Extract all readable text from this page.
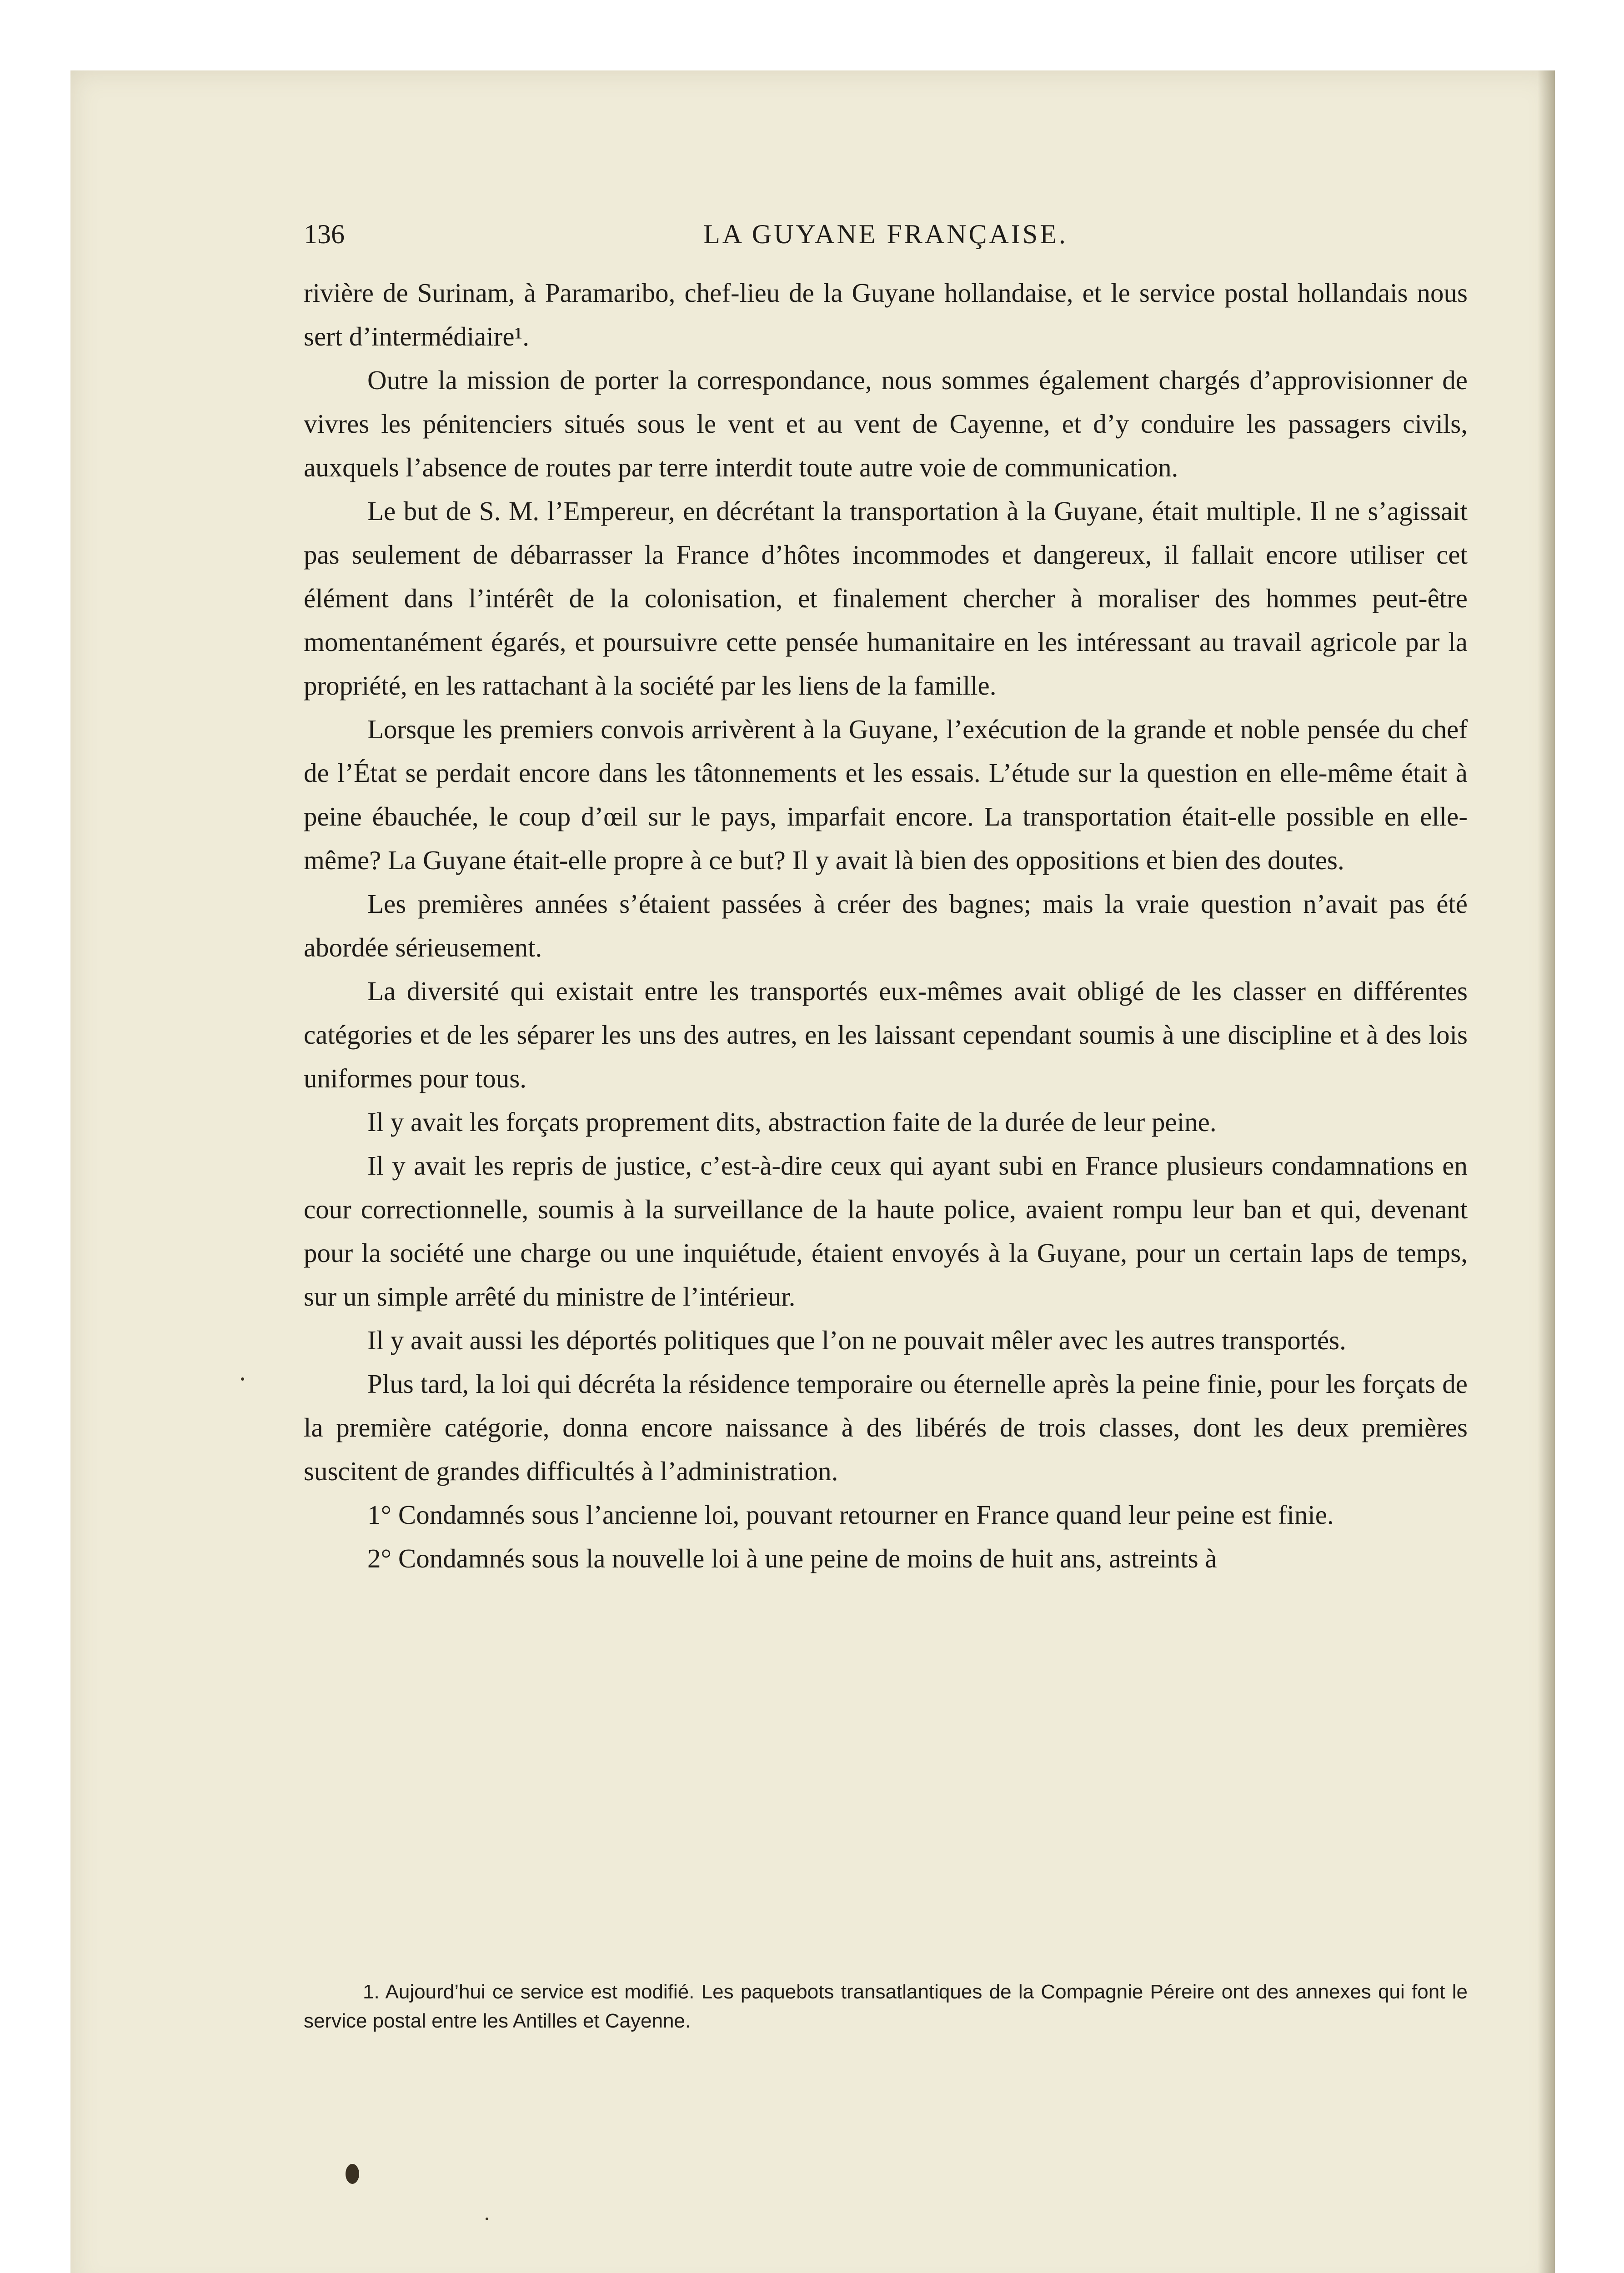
136	LA GUYANE FRANÇAISE.

rivière de Surinam, à Paramaribo, chef-lieu de la Guyane hollandaise, et le service postal hollandais nous sert d’intermédiaire¹.

Outre la mission de porter la correspondance, nous sommes également chargés d’approvisionner de vivres les pénitenciers situés sous le vent et au vent de Cayenne, et d’y conduire les passagers civils, auxquels l’absence de routes par terre interdit toute autre voie de communication.

Le but de S. M. l’Empereur, en décrétant la transportation à la Guyane, était multiple. Il ne s’agissait pas seulement de débarrasser la France d’hôtes incommodes et dangereux, il fallait encore utiliser cet élément dans l’intérêt de la colonisation, et finalement chercher à moraliser des hommes peut-être momentanément égarés, et poursuivre cette pensée humanitaire en les intéressant au travail agricole par la propriété, en les rattachant à la société par les liens de la famille.

Lorsque les premiers convois arrivèrent à la Guyane, l’exécution de la grande et noble pensée du chef de l’État se perdait encore dans les tâtonnements et les essais. L’étude sur la question en elle-même était à peine ébauchée, le coup d’œil sur le pays, imparfait encore. La transportation était-elle possible en elle-même? La Guyane était-elle propre à ce but? Il y avait là bien des oppositions et bien des doutes.

Les premières années s’étaient passées à créer des bagnes; mais la vraie question n’avait pas été abordée sérieusement.

La diversité qui existait entre les transportés eux-mêmes avait obligé de les classer en différentes catégories et de les séparer les uns des autres, en les laissant cependant soumis à une discipline et à des lois uniformes pour tous.

Il y avait les forçats proprement dits, abstraction faite de la durée de leur peine.

Il y avait les repris de justice, c’est-à-dire ceux qui ayant subi en France plusieurs condamnations en cour correctionnelle, soumis à la surveillance de la haute police, avaient rompu leur ban et qui, devenant pour la société une charge ou une inquiétude, étaient envoyés à la Guyane, pour un certain laps de temps, sur un simple arrêté du ministre de l’intérieur.

Il y avait aussi les déportés politiques que l’on ne pouvait mêler avec les autres transportés.

Plus tard, la loi qui décréta la résidence temporaire ou éternelle après la peine finie, pour les forçats de la première catégorie, donna encore naissance à des libérés de trois classes, dont les deux premières suscitent de grandes difficultés à l’administration.

1° Condamnés sous l’ancienne loi, pouvant retourner en France quand leur peine est finie.

2° Condamnés sous la nouvelle loi à une peine de moins de huit ans, astreints à

1. Aujourd’hui ce service est modifié. Les paquebots transatlantiques de la Compagnie Péreire ont des annexes qui font le service postal entre les Antilles et Cayenne.
